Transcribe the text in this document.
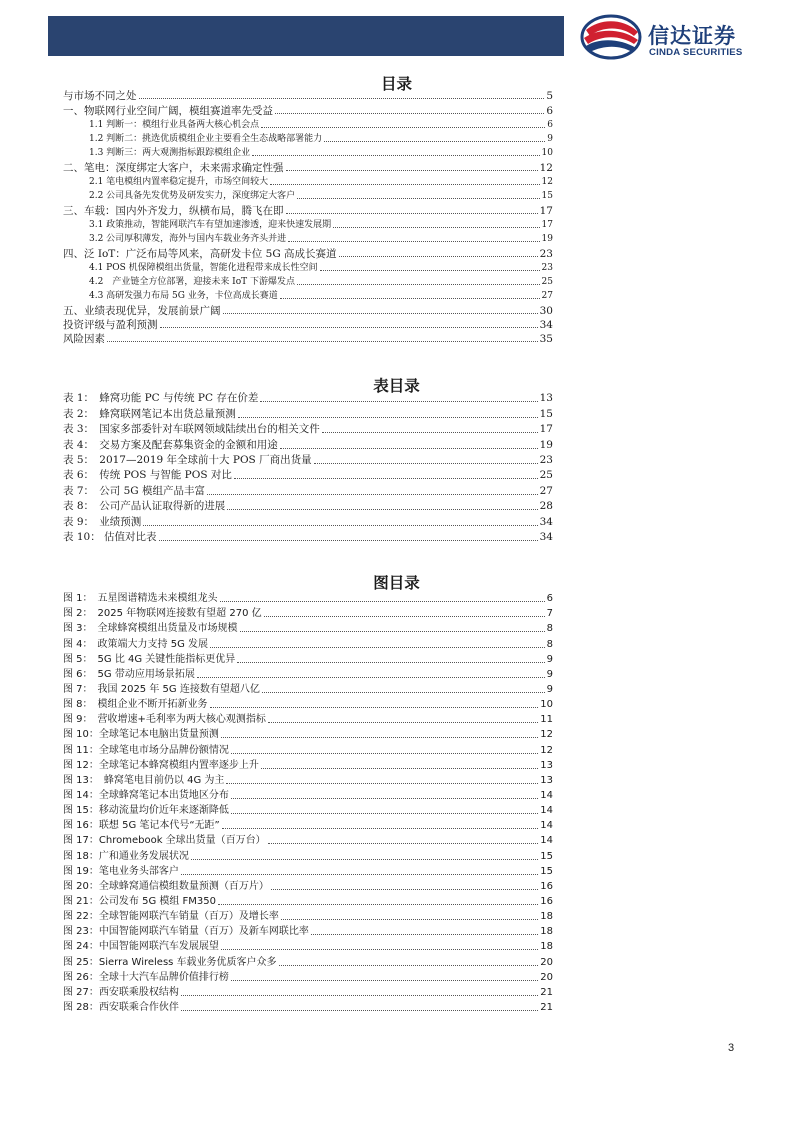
信达证券
CINDA SECURITIES
目录
与市场不同之处	5
一、物联网行业空间广阔，模组赛道率先受益	6
1.1 判断一：模组行业具备两大核心机会点	6
1.2 判断二：挑选优质模组企业主要看全生态战略部署能力	9
1.3 判断三：两大观测指标跟踪模组企业	10
二、笔电：深度绑定大客户，未来需求确定性强	12
2.1 笔电模组内置率稳定提升，市场空间较大	12
2.2 公司具备先发优势及研发实力，深度绑定大客户	15
三、车载：国内外齐发力，纵横布局，腾飞在即	17
3.1 政策推动，智能网联汽车有望加速渗透，迎来快速发展期	17
3.2 公司厚积薄发，海外与国内车载业务齐头并进	19
四、泛 IoT：广泛布局等风来，高研发卡位 5G 高成长赛道	23
4.1 POS 机保障模组出货量，智能化进程带来成长性空间	23
4.2　产业链全方位部署，迎接未来 IoT 下游爆发点	25
4.3 高研发强力布局 5G 业务，卡位高成长赛道	27
五、业绩表现优异，发展前景广阔	30
投资评级与盈利预测	34
风险因素	35
表目录
表 1：　蜂窝功能 PC 与传统 PC 存在价差	13
表 2：　蜂窝联网笔记本出货总量预测	15
表 3：　国家多部委针对车联网领域陆续出台的相关文件	17
表 4：　交易方案及配套募集资金的金额和用途	19
表 5：　2017—2019 年全球前十大 POS 厂商出货量	23
表 6：　传统 POS 与智能 POS 对比	25
表 7：　公司 5G 模组产品丰富	27
表 8：　公司产品认证取得新的进展	28
表 9：　业绩预测	34
表 10： 估值对比表	34
图目录
图 1：　五星图谱精选未来模组龙头	6
图 2：　2025 年物联网连接数有望超 270 亿	7
图 3：　全球蜂窝模组出货量及市场规模	8
图 4：　政策端大力支持 5G 发展	8
图 5：　5G 比 4G 关键性能指标更优异	9
图 6：　5G 带动应用场景拓展	9
图 7：　我国 2025 年 5G 连接数有望超八亿	9
图 8：　模组企业不断开拓新业务	10
图 9：　营收增速+毛利率为两大核心观测指标	11
图 10：全球笔记本电脑出货量预测	12
图 11：全球笔电市场分品牌份额情况	12
图 12：全球笔记本蜂窝模组内置率逐步上升	13
图 13：　蜂窝笔电目前仍以 4G 为主	13
图 14：全球蜂窝笔记本出货地区分布	14
图 15：移动流量均价近年来逐渐降低	14
图 16：联想 5G 笔记本代号“无距”	14
图 17：Chromebook 全球出货量（百万台）	14
图 18：广和通业务发展状况	15
图 19：笔电业务头部客户	15
图 20：全球蜂窝通信模组数量预测（百万片）	16
图 21：公司发布 5G 模组 FM350	16
图 22：全球智能网联汽车销量（百万）及增长率	18
图 23：中国智能网联汽车销量（百万）及新车网联比率	18
图 24：中国智能网联汽车发展展望	18
图 25：Sierra Wireless 车载业务优质客户众多	20
图 26：全球十大汽车品牌价值排行榜	20
图 27：西安联乘股权结构	21
图 28：西安联乘合作伙伴	21
3
